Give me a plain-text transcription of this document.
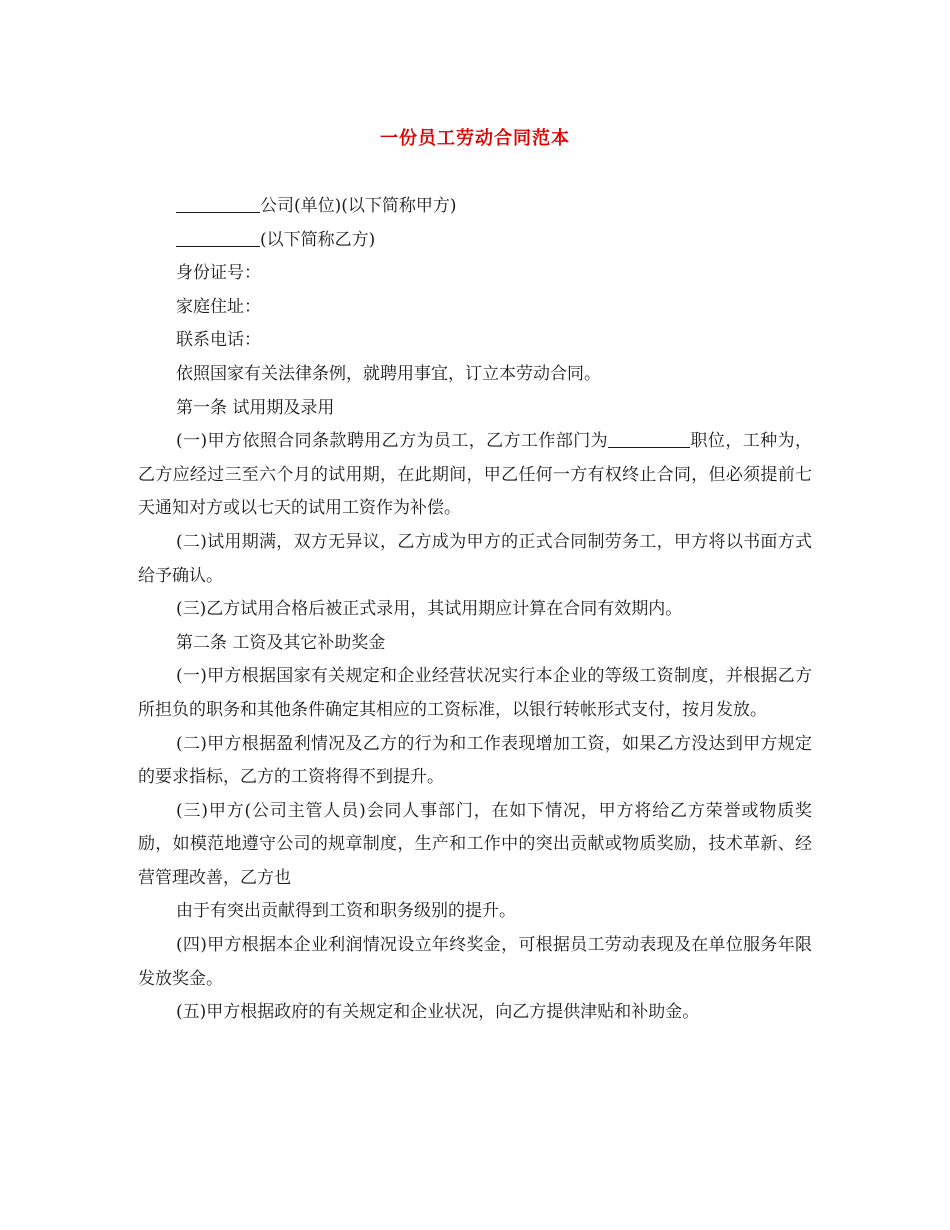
一份员工劳动合同范本

公司(单位)(以下简称甲方)

(以下简称乙方)

身份证号：

家庭住址：

联系电话：

依照国家有关法律条例，就聘用事宜，订立本劳动合同。

第一条 试用期及录用

(一)甲方依照合同条款聘用乙方为员工，乙方工作部门为	职位，工种为，乙方应经过三至六个月的试用期，在此期间，甲乙任何一方有权终止合同，但必须提前七天通知对方或以七天的试用工资作为补偿。

(二)试用期满，双方无异议，乙方成为甲方的正式合同制劳务工，甲方将以书面方式给予确认。

(三)乙方试用合格后被正式录用，其试用期应计算在合同有效期内。

第二条 工资及其它补助奖金

(一)甲方根据国家有关规定和企业经营状况实行本企业的等级工资制度，并根据乙方所担负的职务和其他条件确定其相应的工资标准，以银行转帐形式支付，按月发放。

(二)甲方根据盈利情况及乙方的行为和工作表现增加工资，如果乙方没达到甲方规定的要求指标，乙方的工资将得不到提升。

(三)甲方(公司主管人员)会同人事部门，在如下情况，甲方将给乙方荣誉或物质奖励，如模范地遵守公司的规章制度，生产和工作中的突出贡献或物质奖励，技术革新、经营管理改善，乙方也

由于有突出贡献得到工资和职务级别的提升。

(四)甲方根据本企业利润情况设立年终奖金，可根据员工劳动表现及在单位服务年限发放奖金。

(五)甲方根据政府的有关规定和企业状况，向乙方提供津贴和补助金。
